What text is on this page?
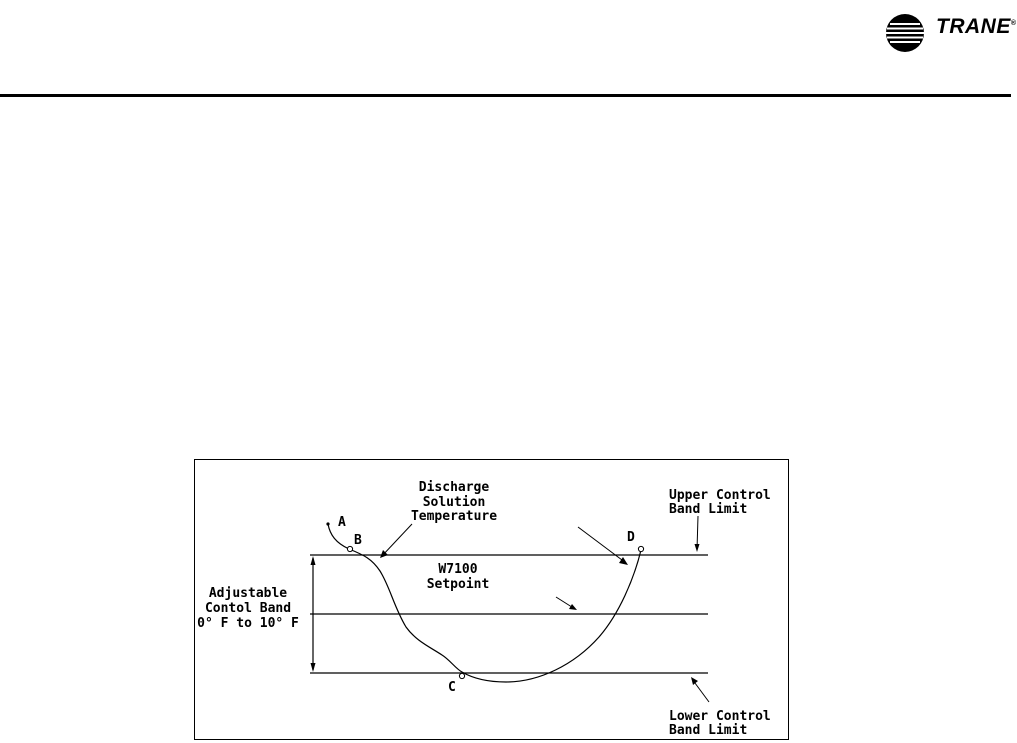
TRANE®
A
B
C
D
Discharge
Solution
Temperature
Upper Control
Band Limit
W7100
Setpoint
Adjustable
Contol Band
0° F to 10° F
Lower Control
Band Limit
